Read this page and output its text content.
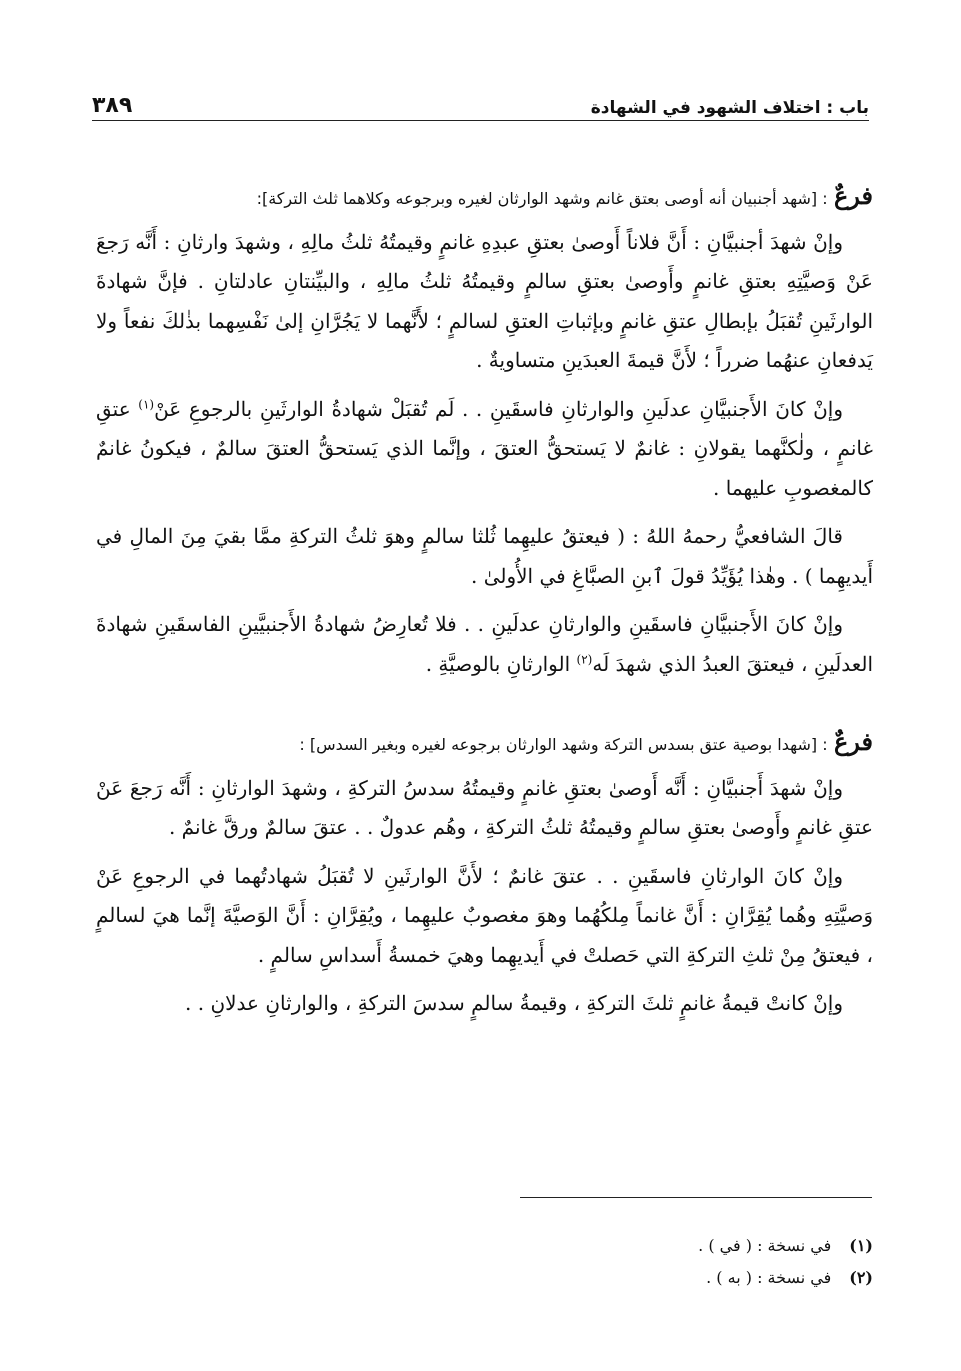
باب : اختلاف الشهود في الشهادة
٣٨٩

فرعٌ : [شهد أجنبيان أنه أوصى بعتق غانم وشهد الوارثان لغيره وبرجوعه وكلاهما ثلث التركة]:

وإنْ شهدَ أجنبيَّانِ : أَنَّ فلاناً أَوصىٰ بعتقِ عبدِهِ غانمٍ وقيمتُهُ ثلثُ مالِهِ ، وشهدَ وارثانِ : أَنَّه رَجعَ عَنْ وَصيَّتِهِ بعتقِ غانمٍ وأَوصىٰ بعتقِ سالمٍ وقيمتُهُ ثلثُ مالِهِ ، والبيِّنتانِ عادلتانِ . فإنَّ شهادةَ الوارثَينِ تُقبَلُ بإبطالِ عتقِ غانمٍ وبإثباتِ العتقِ لسالمٍ ؛ لأَنَّهما لا يَجُرَّانِ إلىٰ نَفْسِهما بذٰلكَ نفعاً ولا يَدفعانِ عنهُما ضرراً ؛ لأَنَّ قيمةَ العبدَينِ متساويةٌ .

وإنْ كانَ الأَجنبيَّانِ عدلَينِ والوارثانِ فاسقَينِ . . لَم تُقبَلْ شهادةُ الوارثَينِ بالرجوعِ عَنْ$^{(١)}$ عتقِ غانمٍ ، ولٰكنَّهما يقولانِ : غانمٌ لا يَستحقُّ العتقَ ، وإنَّما الذي يَستحقُّ العتقَ سالمٌ ، فيكونُ غانمٌ كالمغصوبِ عليهما .

قالَ الشافعيُّ رحمهُ اللهُ : ( فيعتقُ عليهِما ثُلثا سالمٍ وهوَ ثلثُ التركةِ ممَّا بقيَ مِنَ المالِ في أَيديهِما ) . وهٰذا يُؤَيِّدُ قولَ ٱبنِ الصبَّاغِ في الأُولىٰ .

وإنْ كانَ الأَجنبيَّانِ فاسقَينِ والوارثانِ عدلَينِ . . فلا تُعارِضُ شهادةُ الأَجنبيَّينِ الفاسقَينِ شهادةَ العدلَينِ ، فيعتقَ العبدُ الذي شهدَ لَه$^{(٢)}$ الوارثانِ بالوصيَّةِ .

فرعٌ : [شهدا بوصية عتق بسدس التركة وشهد الوارثان برجوعه لغيره وبغير السدس] :

وإنْ شهدَ أَجنبيَّانِ : أَنَّه أَوصىٰ بعتقِ غانمٍ وقيمتُهُ سدسُ التركةِ ، وشهدَ الوارثانِ : أَنَّه رَجعَ عَنْ عتقِ غانمٍ وأَوصىٰ بعتقِ سالمٍ وقيمتُهُ ثلثُ التركةِ ، وهُم عدولٌ . . عتقَ سالمٌ ورقَّ غانمٌ .

وإنْ كانَ الوارثانِ فاسقَينِ . . عتقَ غانمٌ ؛ لأَنَّ الوارثَينِ لا تُقبَلُ شهادتُهما في الرجوعِ عَنْ وَصيَّتِهِ وهُما يُقِرَّانِ : أَنَّ غانماً مِلكُهُما وهوَ مغصوبٌ عليهِما ، ويُقِرَّانِ : أَنَّ الوَصيَّةَ إنَّما هيَ لسالمٍ ، فيعتقُ مِنْ ثلثِ التركةِ التي حَصلتْ في أَيديهِما وهيَ خمسةُ أَسداسِ سالمٍ .

وإنْ كانتْ قيمةُ غانمٍ ثلثَ التركةِ ، وقيمةُ سالمٍ سدسَ التركةِ ، والوارثانِ عدلانِ . .

(١)
في نسخة : ( في ) .
(٢)
في نسخة : ( به ) .
